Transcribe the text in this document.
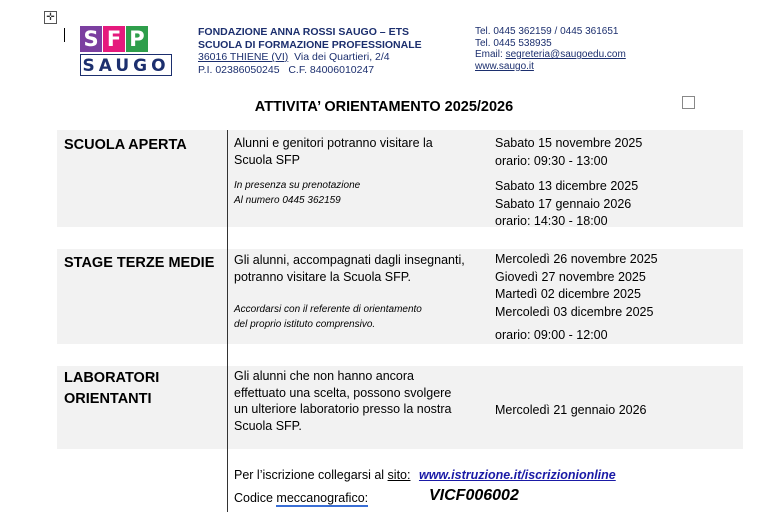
✛
S F P
SAUGO
FONDAZIONE ANNA ROSSI SAUGO – ETS
SCUOLA DI FORMAZIONE PROFESSIONALE
36016 THIENE (VI) Via dei Quartieri, 2/4
P.I. 02386050245 C.F. 84006010247
Tel. 0445 362159 / 0445 361651
Tel. 0445 538935
Email: segreteria@saugoedu.com
www.saugo.it
ATTIVITA’ ORIENTAMENTO 2025/2026
SCUOLA APERTA	Alunni e genitori potranno visitare la Scuola SFP
In presenza su prenotazione
Al numero 0445 362159
Sabato 15 novembre 2025
orario: 09:30 - 13:00
Sabato 13 dicembre 2025
Sabato 17 gennaio 2026
orario: 14:30 - 18:00
STAGE TERZE MEDIE Gli alunni, accompagnati dagli insegnanti, potranno visitare la Scuola SFP.
Accordarsi con il referente di orientamento
del proprio istituto comprensivo.
Mercoledì 26 novembre 2025
Giovedì 27 novembre 2025
Martedì 02 dicembre 2025
Mercoledì 03 dicembre 2025
orario: 09:00 - 12:00
LABORATORI
ORIENTANTI
Gli alunni che non hanno ancora
effettuato una scelta, possono svolgere
un ulteriore laboratorio presso la nostra
Scuola SFP.
Mercoledì 21 gennaio 2026
Per l’iscrizione collegarsi al sito: www.istruzione.it/iscrizionionline
Codice meccanografico:	VICF006002
